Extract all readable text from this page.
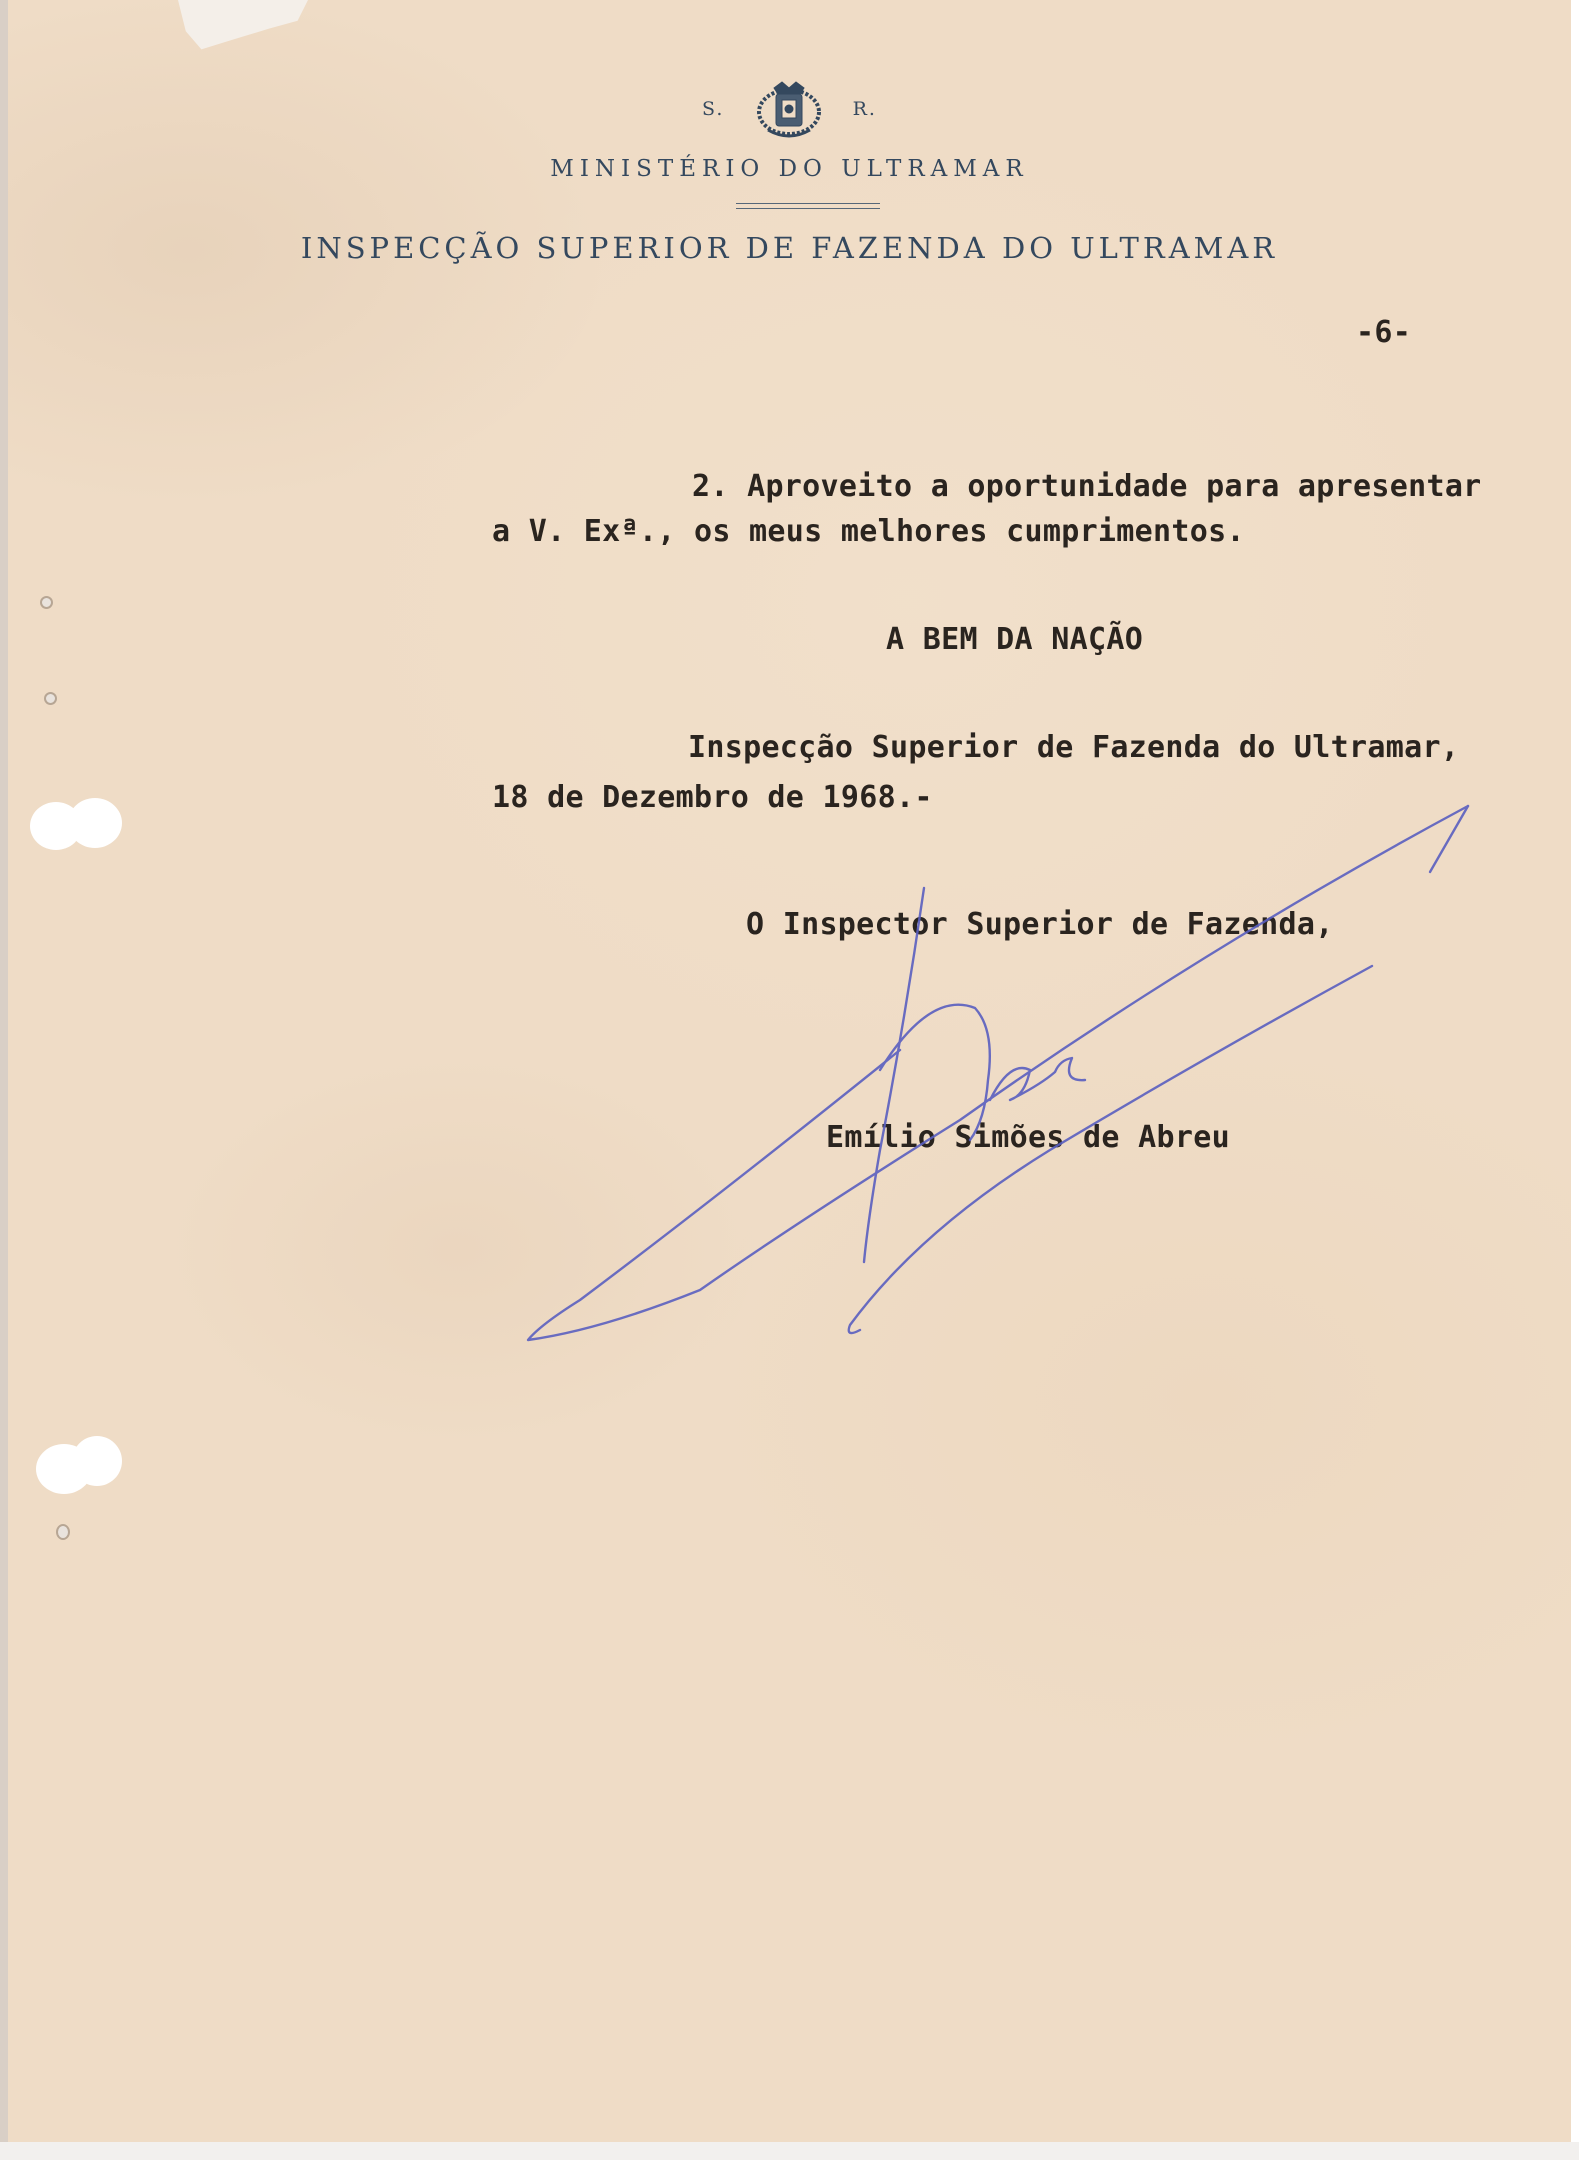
S.	R.
MINISTÉRIO DO ULTRAMAR
INSPECÇÃO SUPERIOR DE FAZENDA DO ULTRAMAR
-6-
2. Aproveito a oportunidade para apresentar
a V. Exª., os meus melhores cumprimentos.
A BEM DA NAÇÃO
Inspecção Superior de Fazenda do Ultramar,
18 de Dezembro de 1968.-
O Inspector Superior de Fazenda,
Emílio Simões de Abreu
